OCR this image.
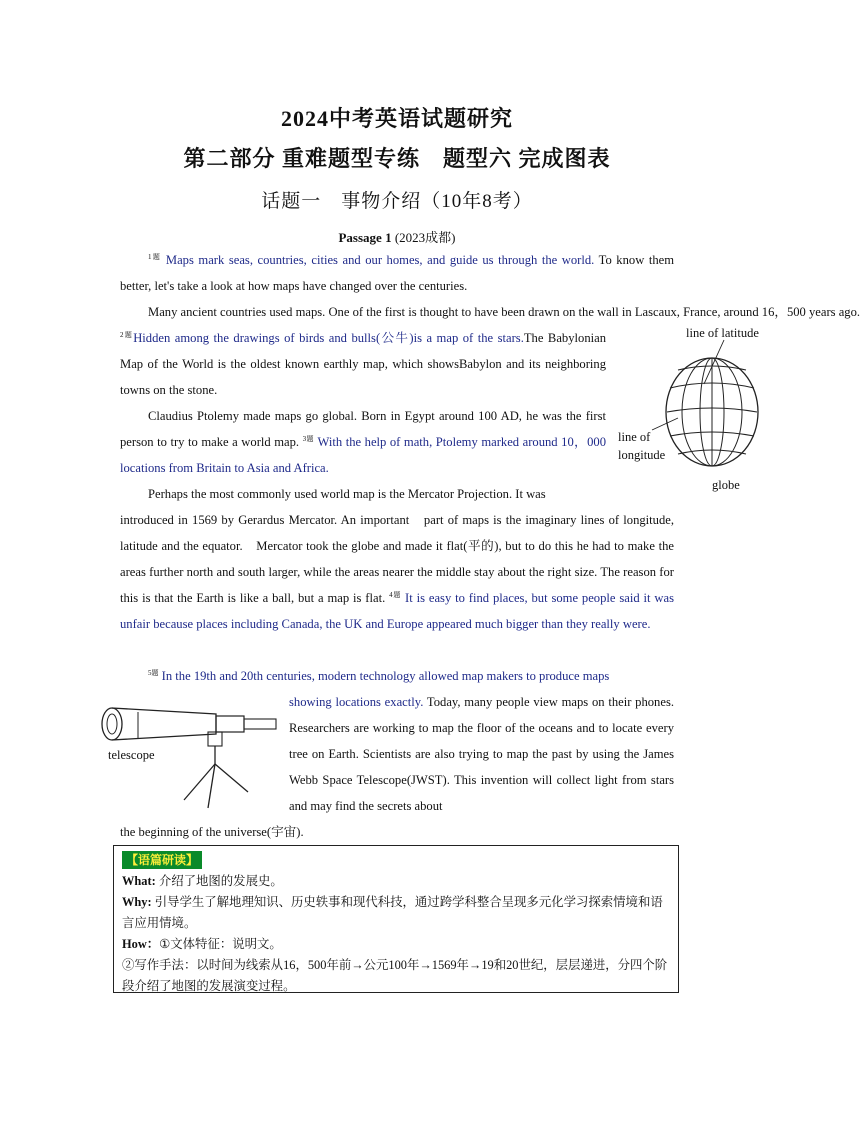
2024中考英语试题研究
第二部分 重难题型专练　题型六 完成图表
话题一　事物介绍（10年8考）
Passage 1 (2023成都)

$^{1题}$ Maps mark seas, countries, cities and our homes, and guide us through the world. To know them better, let's take a look at how maps have changed over the centuries.

Many ancient countries used maps. One of the first is thought to have been drawn on the wall in Lascaux, France, around 16，500 years ago.

$^{2题}$Hidden among the drawings of birds and bulls(公牛)is a map of the stars.The Babylonian Map of the World is the oldest known earthly map, which showsBabylon and its neighboring towns on the stone.

Claudius Ptolemy made maps go global. Born in Egypt around 100 AD, he was the first person to try to make a world map. $^{3题}$ With the help of math, Ptolemy marked around 10，000 locations from Britain to Asia and Africa.

Perhaps the most commonly used world map is the Mercator Projection. It was

line of latitude
line of
longitude
globe

introduced in 1569 by Gerardus Mercator. An important　part of maps is the imaginary lines of longitude, latitude and the equator.　Mercator took the globe and made it flat(平的), but to do this he had to make the areas further north and south larger, while the areas nearer the middle stay about the right size. The reason for this is that the Earth is like a ball, but a map is flat. $^{4题}$ It is easy to find places, but some people said it was unfair because places including Canada, the UK and Europe appeared much bigger than they really were.

$^{5题}$ In the 19th and 20th centuries, modern technology allowed map makers to produce maps

showing locations exactly. Today, many people view maps on their phones. Researchers are working to map the floor of the oceans and to locate every tree on Earth. Scientists are also trying to map the past by using the James Webb Space Telescope(JWST). This invention will collect light from stars and may find the secrets about

the beginning of the universe(宇宙).

telescope
【语篇研读】
What: 介绍了地图的发展史。
Why: 引导学生了解地理知识、历史轶事和现代科技，通过跨学科整合呈现多元化学习探索情境和语言应用情境。
How：①文体特征：说明文。
②写作手法：以时间为线索从16，500年前→公元100年→1569年→19和20世纪，层层递进，分四个阶段介绍了地图的发展演变过程。
